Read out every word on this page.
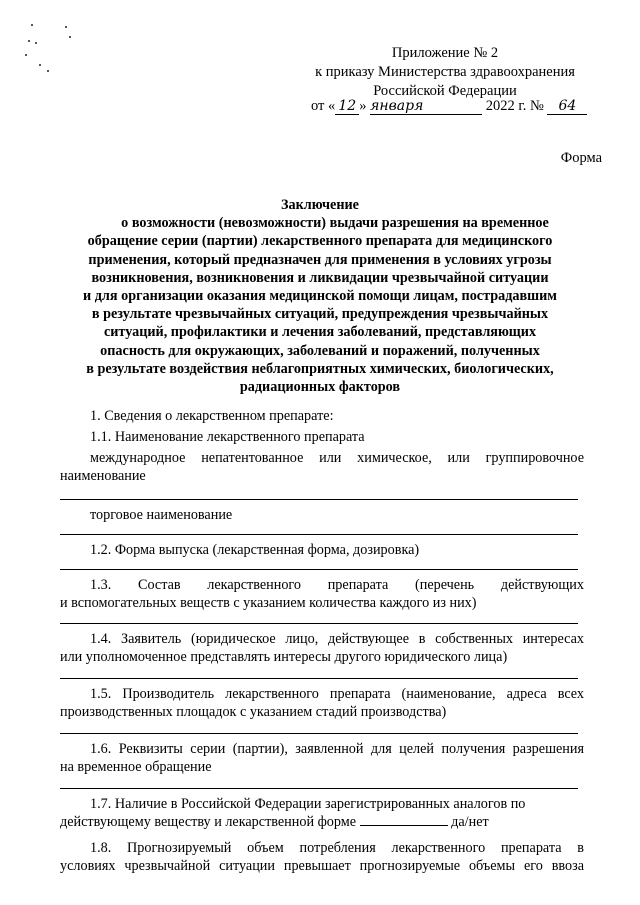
Приложение № 2
к приказу Министерства здравоохранения
Российской Федерации
от « 12 » января	2022 г. № 64
Форма
Заключение
о возможности (невозможности) выдачи разрешения на временное
обращение серии (партии) лекарственного препарата для медицинского
применения, который предназначен для применения в условиях угрозы
возникновения, возникновения и ликвидации чрезвычайной ситуации
и для организации оказания медицинской помощи лицам, пострадавшим
в результате чрезвычайных ситуаций, предупреждения чрезвычайных
ситуаций, профилактики и лечения заболеваний, представляющих
опасность для окружающих, заболеваний и поражений, полученных
в результате воздействия неблагоприятных химических, биологических,
радиационных факторов

1. Сведения о лекарственном препарате:

1.1. Наименование лекарственного препарата

международное непатентованное или химическое, или группировочное

наименование

торговое наименование

1.2. Форма выпуска (лекарственная форма, дозировка)

1.3. Состав лекарственного препарата (перечень действующих

и вспомогательных веществ с указанием количества каждого из них)

1.4. Заявитель (юридическое лицо, действующее в собственных интересах

или уполномоченное представлять интересы другого юридического лица)

1.5. Производитель лекарственного препарата (наименование, адреса всех

производственных площадок с указанием стадий производства)

1.6. Реквизиты серии (партии), заявленной для целей получения разрешения

на временное обращение

1.7. Наличие в Российской Федерации зарегистрированных аналогов по

действующему веществу и лекарственной форме	да/нет

1.8. Прогнозируемый объем потребления лекарственного препарата в

условиях чрезвычайной ситуации превышает прогнозируемые объемы его ввоза
